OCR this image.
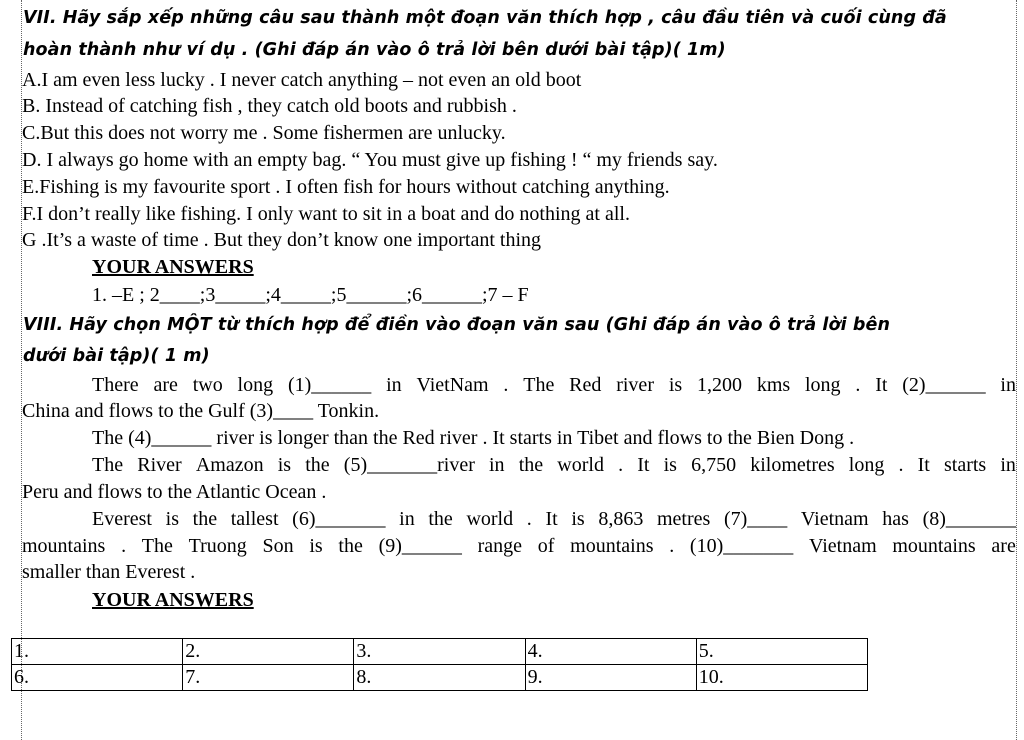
VII. Hãy sắp xếp những câu sau thành một đoạn văn thích hợp , câu đầu tiên và cuối cùng đã
hoàn thành như ví dụ . (Ghi đáp án vào ô trả lời bên dưới bài tập)( 1m)
A.I am even less lucky . I never catch anything – not even an old boot
B. Instead of catching fish , they catch old boots and rubbish .
C.But this does not worry me . Some fishermen are unlucky.
D. I always go home with an empty bag. “ You must give up fishing ! “ my friends say.
E.Fishing is my favourite sport . I often fish for hours without catching anything.
F.I don’t really like fishing. I only want to sit in a boat and do nothing at all.
G .It’s a waste of time . But they don’t know one important thing
YOUR ANSWERS
1. –E ; 2____;3_____;4_____;5______;6______;7 – F
VIII. Hãy chọn MỘT từ thích hợp để điền vào đoạn văn sau (Ghi đáp án vào ô trả lời bên
dưới bài tập)( 1 m)
There are two long (1)______ in VietNam . The Red river is 1,200 kms long . It (2)______ in
China and flows to the Gulf (3)____ Tonkin.
The (4)______ river is longer than the Red river . It starts in Tibet and flows to the Bien Dong .
The River Amazon is the (5)_______river in the world . It is 6,750 kilometres long . It starts in
Peru and flows to the Atlantic Ocean .
Everest is the tallest (6)_______ in the world . It is 8,863 metres (7)____ Vietnam has (8)_______
mountains . The Truong Son is the (9)______ range of mountains . (10)_______ Vietnam mountains are
smaller than Everest .
YOUR ANSWERS
1.	2.	3.	4.	5.
6.	7.	8.	9.	10.
